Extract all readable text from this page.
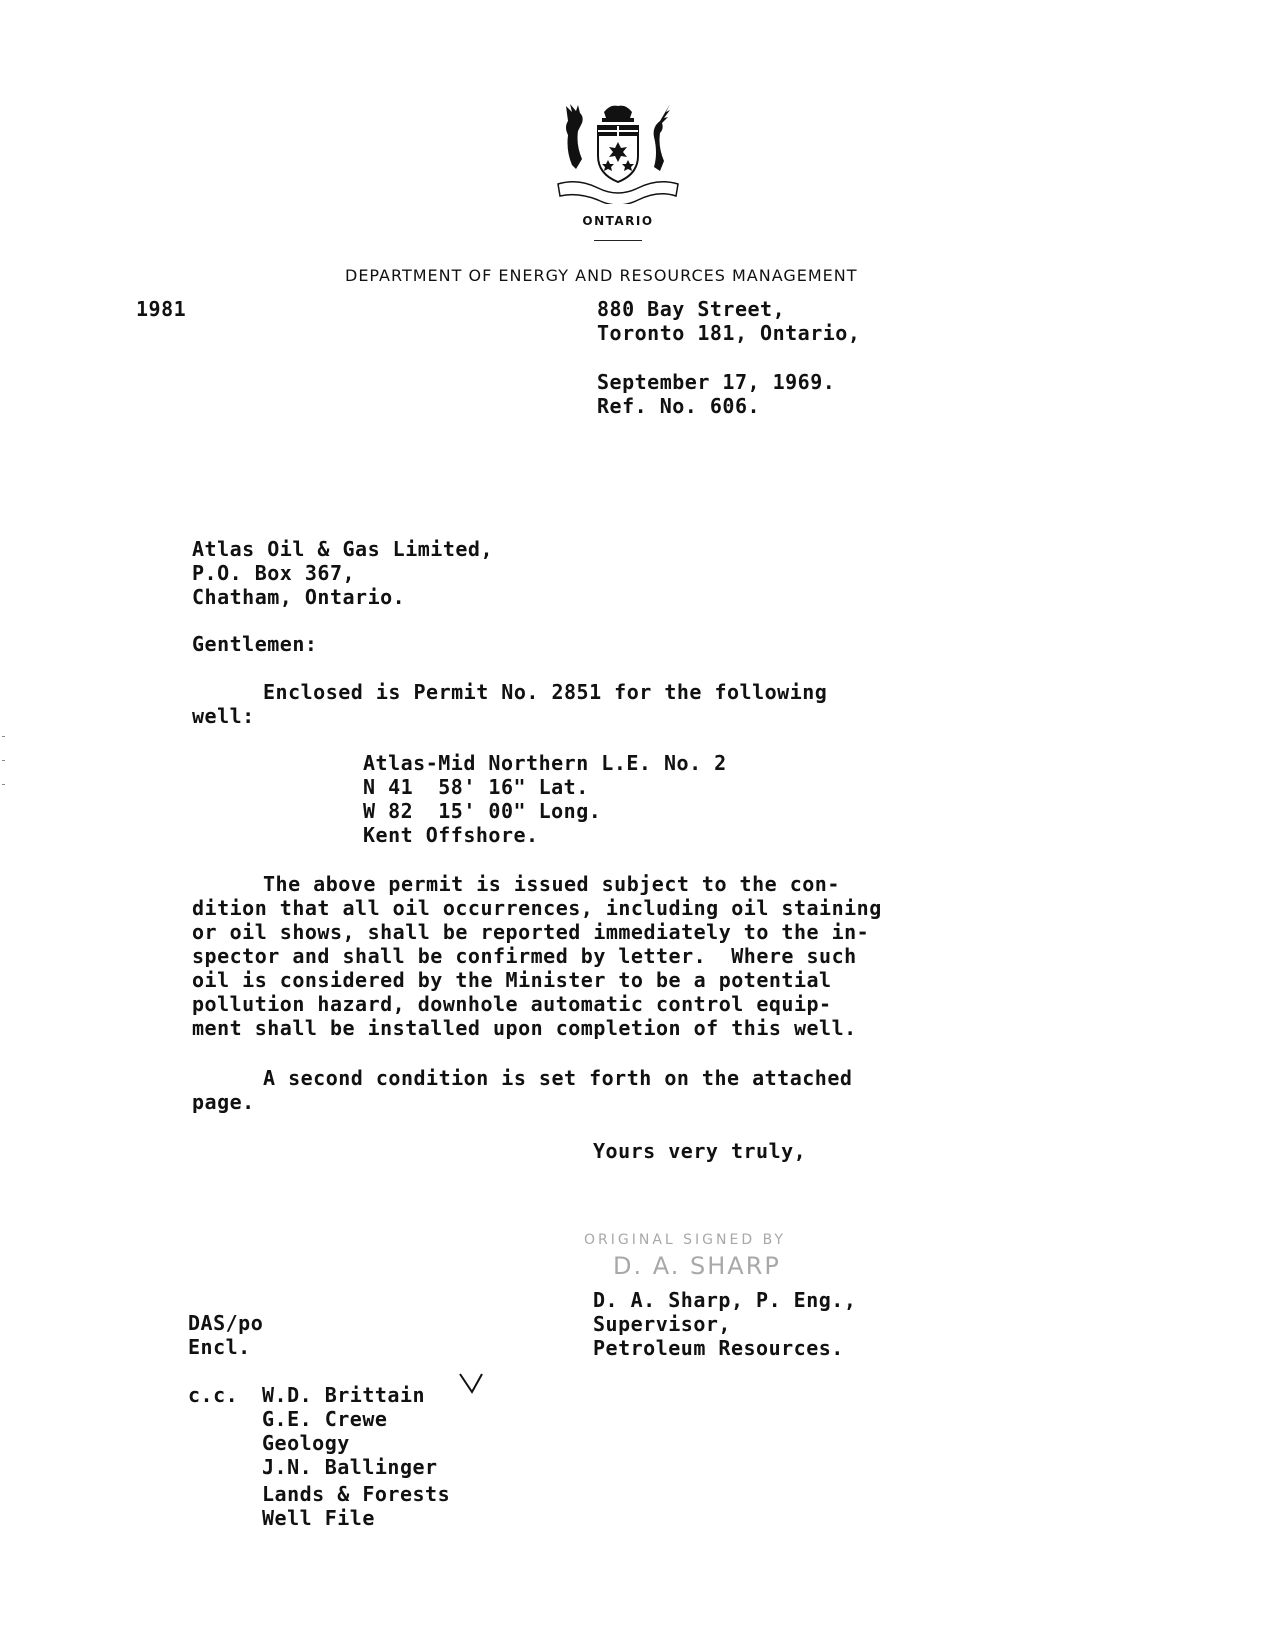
ONTARIO
DEPARTMENT OF ENERGY AND RESOURCES MANAGEMENT
1981	880 Bay Street,
Toronto 181, Ontario,
September 17, 1969.
Ref. No. 606.
Atlas Oil & Gas Limited,
P.O. Box 367,
Chatham, Ontario.
Gentlemen:
Enclosed is Permit No. 2851 for the following
well:
Atlas-Mid Northern L.E. No. 2
N 41  58' 16" Lat.
W 82  15' 00" Long.
Kent Offshore.
The above permit is issued subject to the con-
dition that all oil occurrences, including oil staining
or oil shows, shall be reported immediately to the in-
spector and shall be confirmed by letter.  Where such
oil is considered by the Minister to be a potential
pollution hazard, downhole automatic control equip-
ment shall be installed upon completion of this well.
A second condition is set forth on the attached
page.
Yours very truly,
ORIGINAL SIGNED BY
D. A. SHARP
D. A. Sharp, P. Eng.,
Supervisor,
Petroleum Resources.
DAS/po
Encl.
c.c. W.D. Brittain
G.E. Crewe
Geology
J.N. Ballinger
Lands & Forests
Well File
